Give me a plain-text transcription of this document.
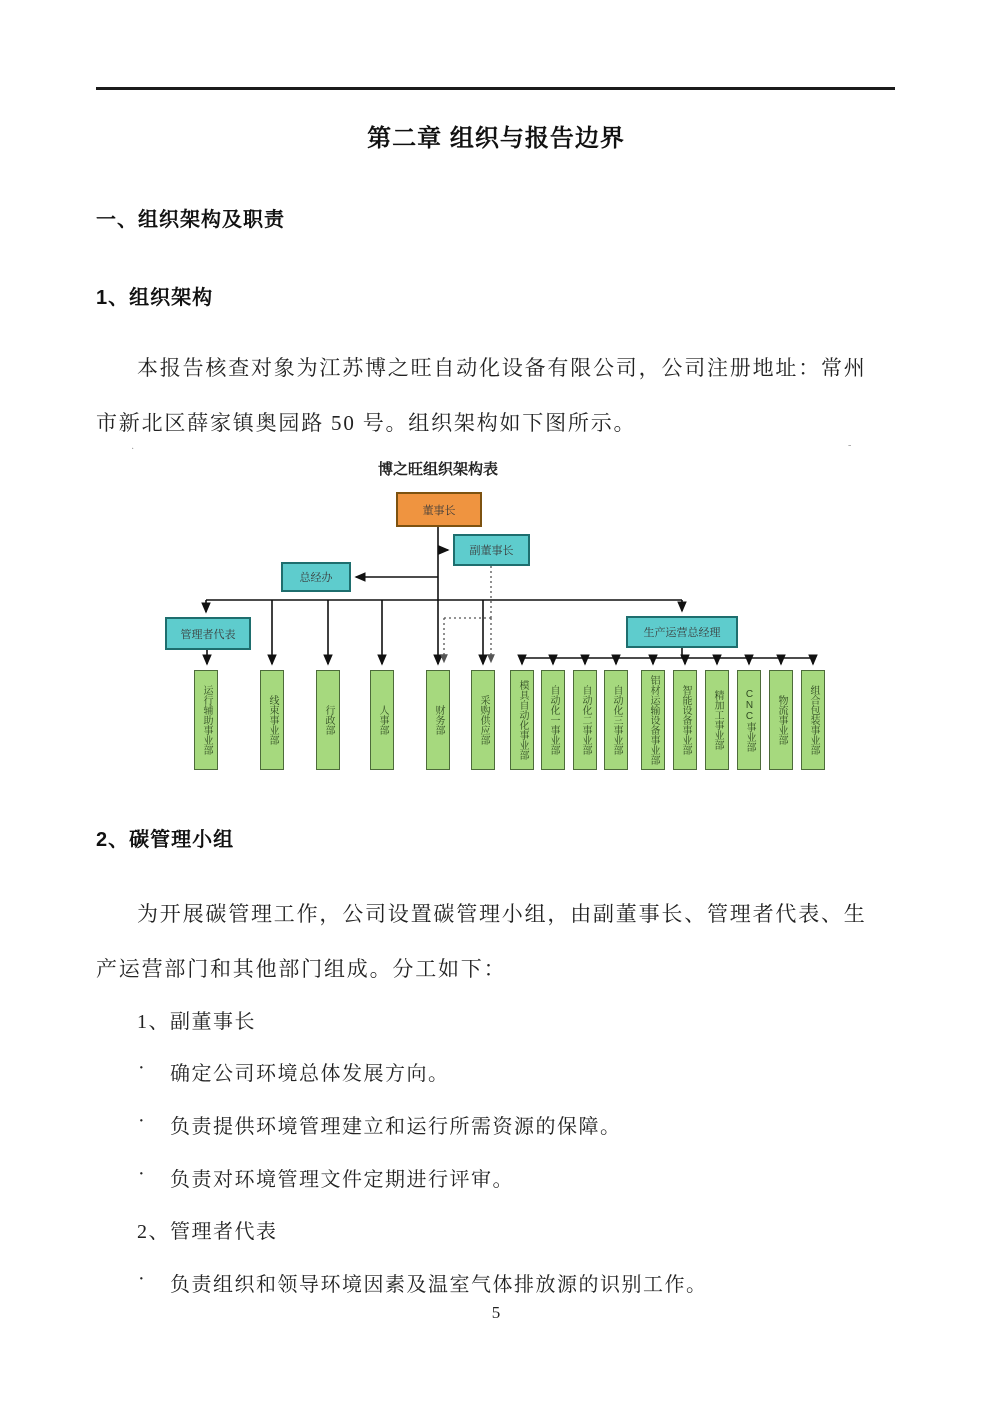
第二章 组织与报告边界
一、组织架构及职责
1、组织架构
本报告核查对象为江苏博之旺自动化设备有限公司，公司注册地址：常州
市新北区薛家镇奥园路 50 号。组织架构如下图所示。
·	-
博之旺组织架构表
董事长
副董事长
总经办
管理者代表	生产运营总经理
运行辅助事业部	线束事业部	行政部	人事部	财务部	采购供应部	模具自动化事业部 自动化一事业部 自动化二事业部 自动化三事业部	铝材运输设备事业部 智能设备事业部 精加工事业部 CNC事业部 物流事业部 组合包装事业部
2、碳管理小组
为开展碳管理工作，公司设置碳管理小组，由副董事长、管理者代表、生
产运营部门和其他部门组成。分工如下：
1、副董事长
· 确定公司环境总体发展方向。
· 负责提供环境管理建立和运行所需资源的保障。
· 负责对环境管理文件定期进行评审。
2、管理者代表
· 负责组织和领导环境因素及温室气体排放源的识别工作。
5
